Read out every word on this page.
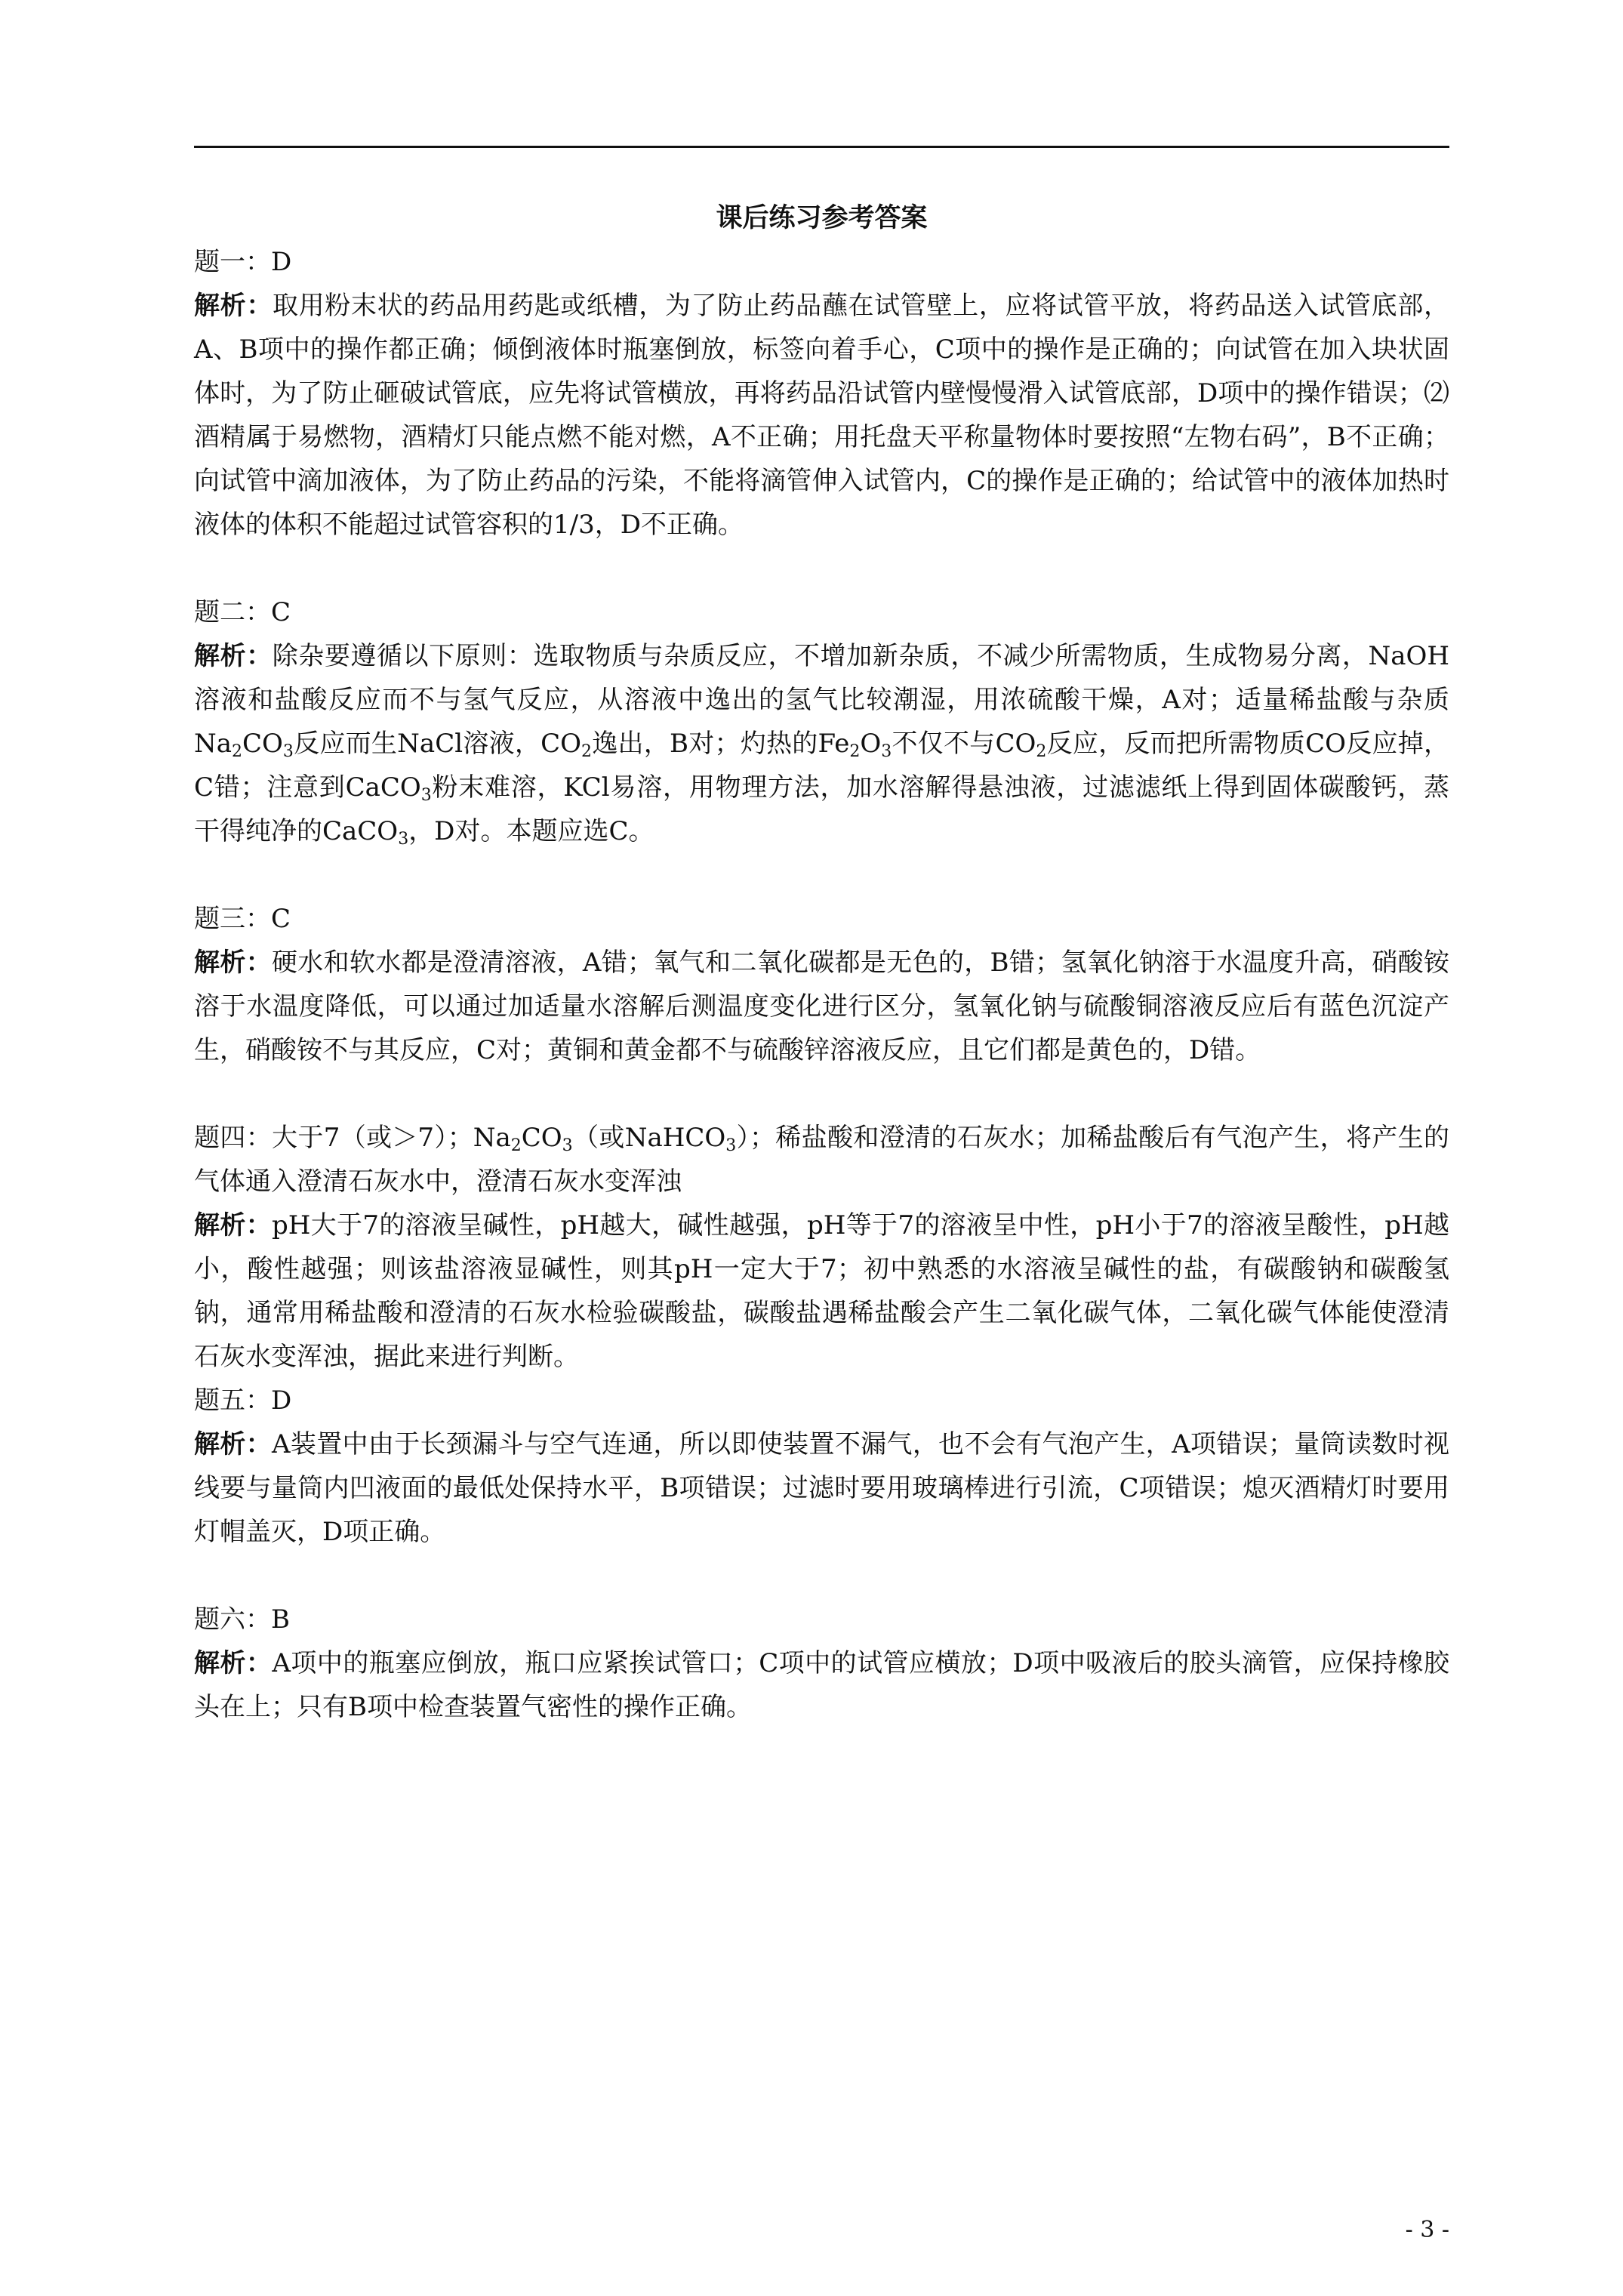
课后练习参考答案

题一：D

解析：取用粉末状的药品用药匙或纸槽，为了防止药品蘸在试管壁上，应将试管平放，将药品送入试管底部，A、B项中的操作都正确；倾倒液体时瓶塞倒放，标签向着手心，C项中的操作是正确的；向试管在加入块状固体时，为了防止砸破试管底，应先将试管横放，再将药品沿试管内壁慢慢滑入试管底部，D项中的操作错误；⑵酒精属于易燃物，酒精灯只能点燃不能对燃，A不正确；用托盘天平称量物体时要按照“左物右码”，B不正确；向试管中滴加液体，为了防止药品的污染，不能将滴管伸入试管内，C的操作是正确的；给试管中的液体加热时液体的体积不能超过试管容积的1/3，D不正确。

题二：C

解析：除杂要遵循以下原则：选取物质与杂质反应，不增加新杂质，不减少所需物质，生成物易分离，NaOH溶液和盐酸反应而不与氢气反应，从溶液中逸出的氢气比较潮湿，用浓硫酸干燥，A对；适量稀盐酸与杂质$Na_2CO_3$反应而生NaCl溶液，$CO_2$逸出，B对；灼热的$Fe_2O_3$不仅不与$CO_2$反应，反而把所需物质CO反应掉，C错；注意到CaCO$_3$粉末难溶，KCl易溶，用物理方法，加水溶解得悬浊液，过滤滤纸上得到固体碳酸钙，蒸干得纯净的CaCO$_3$，D对。本题应选C。

题三：C

解析：硬水和软水都是澄清溶液，A错；氧气和二氧化碳都是无色的，B错；氢氧化钠溶于水温度升高，硝酸铵溶于水温度降低，可以通过加适量水溶解后测温度变化进行区分，氢氧化钠与硫酸铜溶液反应后有蓝色沉淀产生，硝酸铵不与其反应，C对；黄铜和黄金都不与硫酸锌溶液反应，且它们都是黄色的，D错。

题四：大于7（或＞7）；$Na_2CO_3$（或NaHCO$_3$）；稀盐酸和澄清的石灰水；加稀盐酸后有气泡产生，将产生的气体通入澄清石灰水中，澄清石灰水变浑浊

解析：pH大于7的溶液呈碱性，pH越大，碱性越强，pH等于7的溶液呈中性，pH小于7的溶液呈酸性，pH越小，酸性越强；则该盐溶液显碱性，则其pH一定大于7；初中熟悉的水溶液呈碱性的盐，有碳酸钠和碳酸氢钠，通常用稀盐酸和澄清的石灰水检验碳酸盐，碳酸盐遇稀盐酸会产生二氧化碳气体，二氧化碳气体能使澄清石灰水变浑浊，据此来进行判断。

题五：D

解析：A装置中由于长颈漏斗与空气连通，所以即使装置不漏气，也不会有气泡产生，A项错误；量筒读数时视线要与量筒内凹液面的最低处保持水平，B项错误；过滤时要用玻璃棒进行引流，C项错误；熄灭酒精灯时要用灯帽盖灭，D项正确。

题六：B

解析：A项中的瓶塞应倒放，瓶口应紧挨试管口；C项中的试管应横放；D项中吸液后的胶头滴管，应保持橡胶头在上；只有B项中检查装置气密性的操作正确。

- 3 -
